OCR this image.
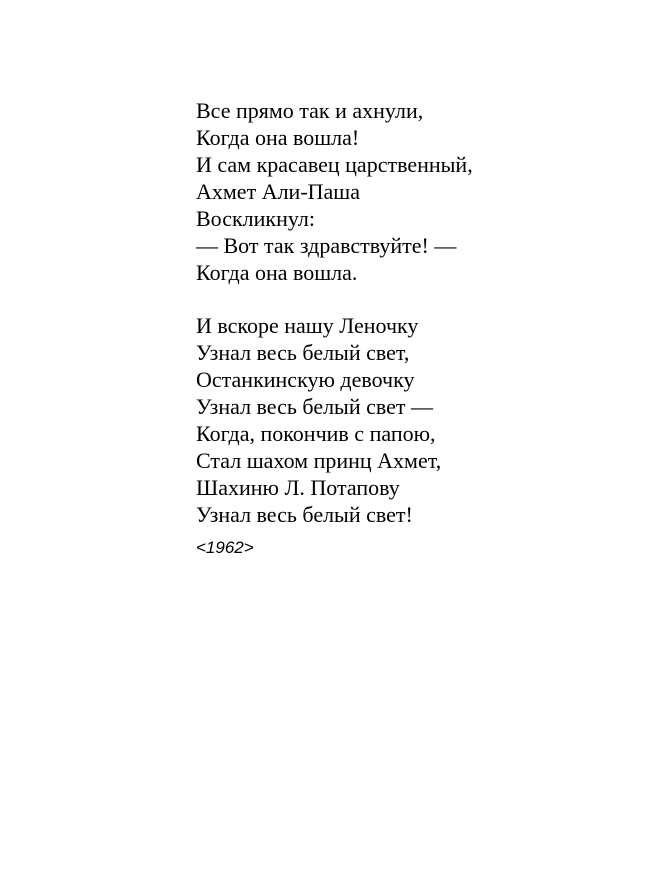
Все прямо так и ахнули,
Когда она вошла!
И сам красавец царственный,
Ахмет Али-Паша
Воскликнул:
— Вот так здравствуйте! —
Когда она вошла.
И вскоре нашу Леночку
Узнал весь белый свет,
Останкинскую девочку
Узнал весь белый свет —
Когда, покончив с папою,
Стал шахом принц Ахмет,
Шахиню Л. Потапову
Узнал весь белый свет!
<1962>
